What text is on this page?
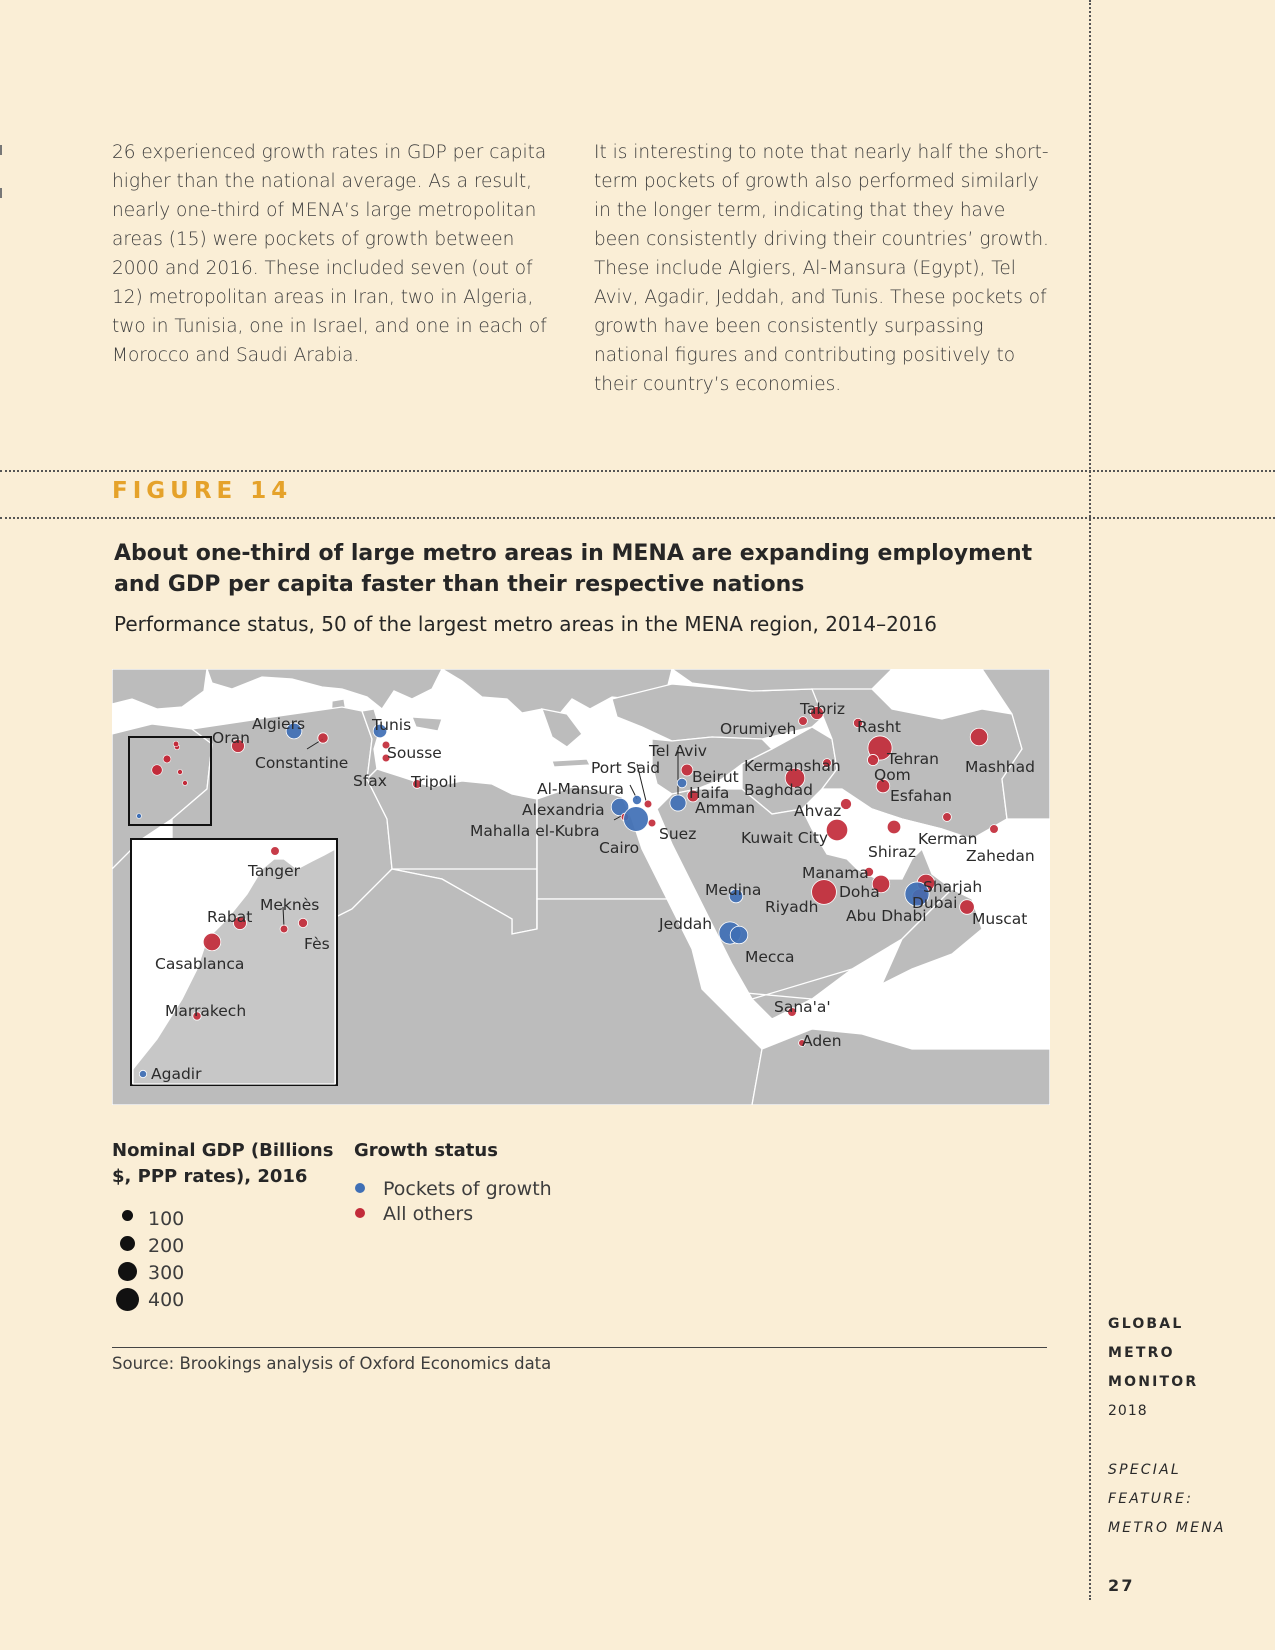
26 experienced growth rates in GDP per capita higher than the national average. As a result, nearly one-third of MENA’s large metropolitan areas (15) were pockets of growth between 2000 and 2016. These included seven (out of 12) metropolitan areas in Iran, two in Algeria, two in Tunisia, one in Israel, and one in each of Morocco and Saudi Arabia.
It is interesting to note that nearly half the short-term pockets of growth also performed similarly in the longer term, indicating that they have been consistently driving their countries’ growth. These include Algiers, Al-Mansura (Egypt), Tel Aviv, Agadir, Jeddah, and Tunis. These pockets of growth have been consistently surpassing national figures and contributing positively to their country’s economies.
FIGURE 14
About one-third of large metro areas in MENA are expanding employment and GDP per capita faster than their respective nations
Performance status, 50 of the largest metro areas in the MENA region, 2014–2016
Algiers
Oran
Constantine
Tunis
Sousse
Sfax Tripoli
Tel Aviv
Port Said Beirut
Haifa
Al-Mansura
Alexandria	Amman
Mahalla el-Kubra
Cairo
Suez
Tabriz
Orumiyeh	Rasht
Tehran
Qom
Kermanshah	Mashhad
Baghdad	Esfahan
Ahvaz
Kuwait City
Shiraz
Kerman
Zahedan
Medina
Manama
Doha
Riyadh
Sharjah
Abu Dhabi
Dubai
Muscat
Jeddah
Mecca
Sana'a'
Aden
Tanger
Rabat
Meknès
Fès
Casablanca
Marrakech
Agadir
Nominal GDP (Billions
$, PPP rates), 2016
Growth status
100
200
300
400
Pockets of growth
All others
Source: Brookings analysis of Oxford Economics data
GLOBAL
METRO
MONITOR
2018
SPECIAL
FEATURE:
METRO MENA
27
